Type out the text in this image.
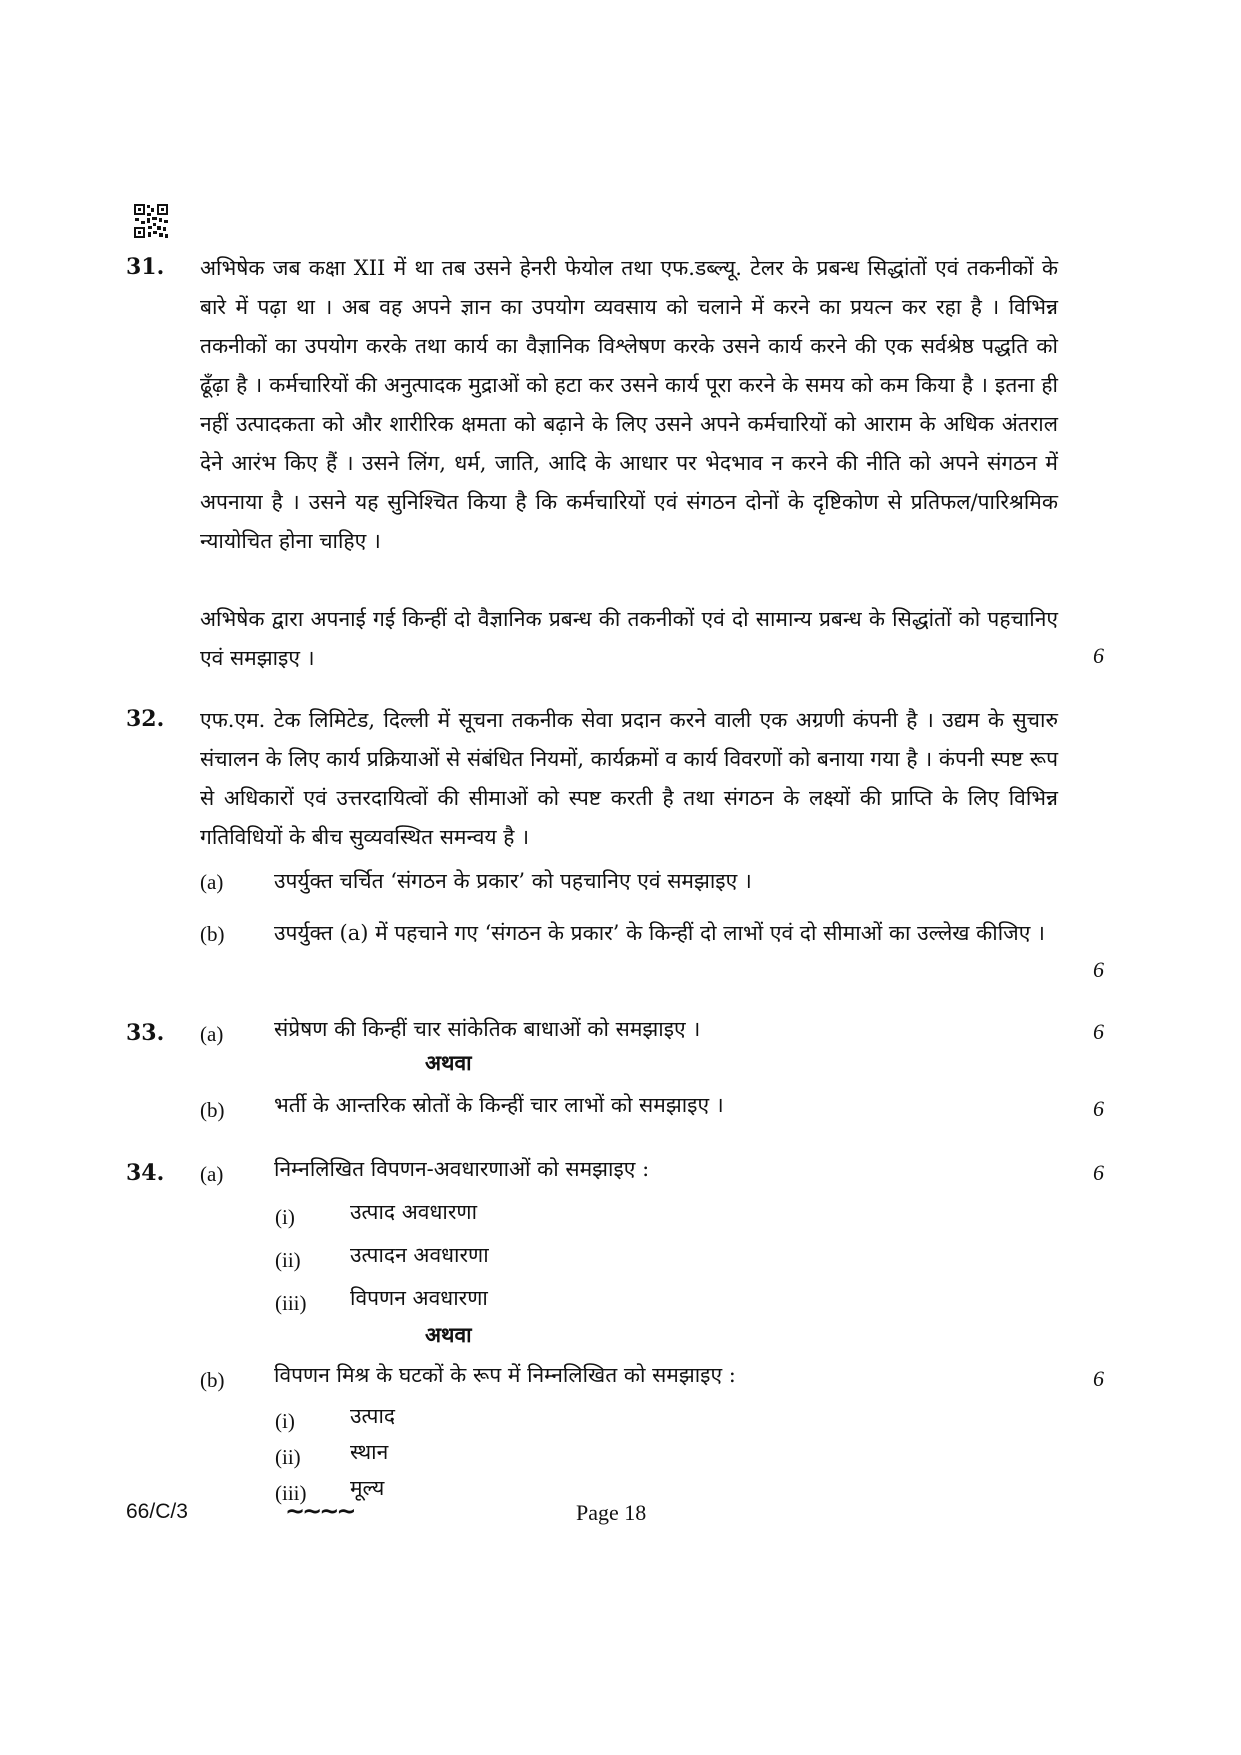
31. अभिषेक जब कक्षा XII में था तब उसने हेनरी फेयोल तथा एफ.डब्ल्यू. टेलर के प्रबन्ध सिद्धांतों एवं तकनीकों के बारे में पढ़ा था । अब वह अपने ज्ञान का उपयोग व्यवसाय को चलाने में करने का प्रयत्न कर रहा है । विभिन्न तकनीकों का उपयोग करके तथा कार्य का वैज्ञानिक विश्लेषण करके उसने कार्य करने की एक सर्वश्रेष्ठ पद्धति को ढूँढ़ा है । कर्मचारियों की अनुत्पादक मुद्राओं को हटा कर उसने कार्य पूरा करने के समय को कम किया है । इतना ही नहीं उत्पादकता को और शारीरिक क्षमता को बढ़ाने के लिए उसने अपने कर्मचारियों को आराम के अधिक अंतराल देने आरंभ किए हैं । उसने लिंग, धर्म, जाति, आदि के आधार पर भेदभाव न करने की नीति को अपने संगठन में अपनाया है । उसने यह सुनिश्चित किया है कि कर्मचारियों एवं संगठन दोनों के दृष्टिकोण से प्रतिफल/पारिश्रमिक न्यायोचित होना चाहिए ।
अभिषेक द्वारा अपनाई गई किन्हीं दो वैज्ञानिक प्रबन्ध की तकनीकों एवं दो सामान्य प्रबन्ध के सिद्धांतों को पहचानिए एवं समझाइए ।	6
32. एफ.एम. टेक लिमिटेड, दिल्ली में सूचना तकनीक सेवा प्रदान करने वाली एक अग्रणी कंपनी है । उद्यम के सुचारु संचालन के लिए कार्य प्रक्रियाओं से संबंधित नियमों, कार्यक्रमों व कार्य विवरणों को बनाया गया है । कंपनी स्पष्ट रूप से अधिकारों एवं उत्तरदायित्वों की सीमाओं को स्पष्ट करती है तथा संगठन के लक्ष्यों की प्राप्ति के लिए विभिन्न गतिविधियों के बीच सुव्यवस्थित समन्वय है ।
(a) उपर्युक्त चर्चित ‘संगठन के प्रकार’ को पहचानिए एवं समझाइए ।
(b) उपर्युक्त (a) में पहचाने गए ‘संगठन के प्रकार’ के किन्हीं दो लाभों एवं दो सीमाओं का उल्लेख कीजिए ।
6
33. (a) संप्रेषण की किन्हीं चार सांकेतिक बाधाओं को समझाइए ।	6
अथवा
(b) भर्ती के आन्तरिक स्रोतों के किन्हीं चार लाभों को समझाइए ।	6
34. (a) निम्नलिखित विपणन-अवधारणाओं को समझाइए :	6
(i)	उत्पाद अवधारणा
(ii) उत्पादन अवधारणा
(iii) विपणन अवधारणा
अथवा
(b) विपणन मिश्र के घटकों के रूप में निम्नलिखित को समझाइए :	6
(i)	उत्पाद
(ii) स्थान
(iii) मूल्य
66/C/3	~~~~	Page 18
